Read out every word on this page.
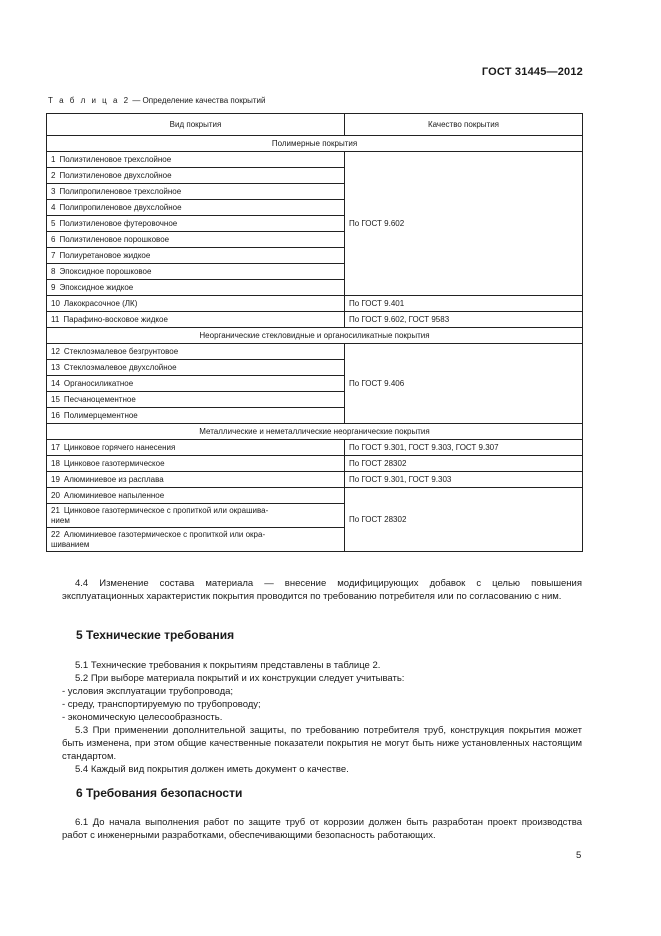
ГОСТ 31445—2012
Т а б л и ц а 2 — Определение качества покрытий
Вид покрытия	Качество покрытия
Полимерные покрытия	
1 Полиэтиленовое трехслойное	По ГОСТ 9.602
2 Полиэтиленовое двухслойное	
3 Полипропиленовое трехслойное	
4 Полипропиленовое двухслойное	
5 Полиэтиленовое футеровочное	
6 Полиэтиленовое порошковое	
7 Полиуретановое жидкое	
8 Эпоксидное порошковое	
9 Эпоксидное жидкое	
10 Лакокрасочное (ЛК)	По ГОСТ 9.401
11 Парафино-восковое жидкое	По ГОСТ 9.602, ГОСТ 9583
Неорганические стекловидные и органосиликатные покрытия	
12 Стеклоэмалевое безгрунтовое	По ГОСТ 9.406
13 Стеклоэмалевое двухслойное	
14 Органосиликатное	
15 Песчаноцементное	
16 Полимерцементное	
Металлические и неметаллические неорганические покрытия	
17 Цинковое горячего нанесения	По ГОСТ 9.301, ГОСТ 9.303, ГОСТ 9.307
18 Цинковое газотермическое	По ГОСТ 28302
19 Алюминиевое из расплава	По ГОСТ 9.301, ГОСТ 9.303
20 Алюминиевое напыленное	По ГОСТ 28302
21 Цинковое газотермическое с пропиткой или окрашива-
нием	
22 Алюминиевое газотермическое с пропиткой или окра-
шиванием	
4.4 Изменение состава материала — внесение модифицирующих добавок с целью повышения эксплуатационных характеристик покрытия проводится по требованию потребителя или по согласованию с ним.
5 Технические требования
5.1 Технические требования к покрытиям представлены в таблице 2.
5.2 При выборе материала покрытий и их конструкции следует учитывать:
- условия эксплуатации трубопровода;
- среду, транспортируемую по трубопроводу;
- экономическую целесообразность.
5.3 При применении дополнительной защиты, по требованию потребителя труб, конструкция покрытия может быть изменена, при этом общие качественные показатели покрытия не могут быть ниже установленных настоящим стандартом.
5.4 Каждый вид покрытия должен иметь документ о качестве.
6 Требования безопасности
6.1 До начала выполнения работ по защите труб от коррозии должен быть разработан проект производства работ с инженерными разработками, обеспечивающими безопасность работающих.
5
